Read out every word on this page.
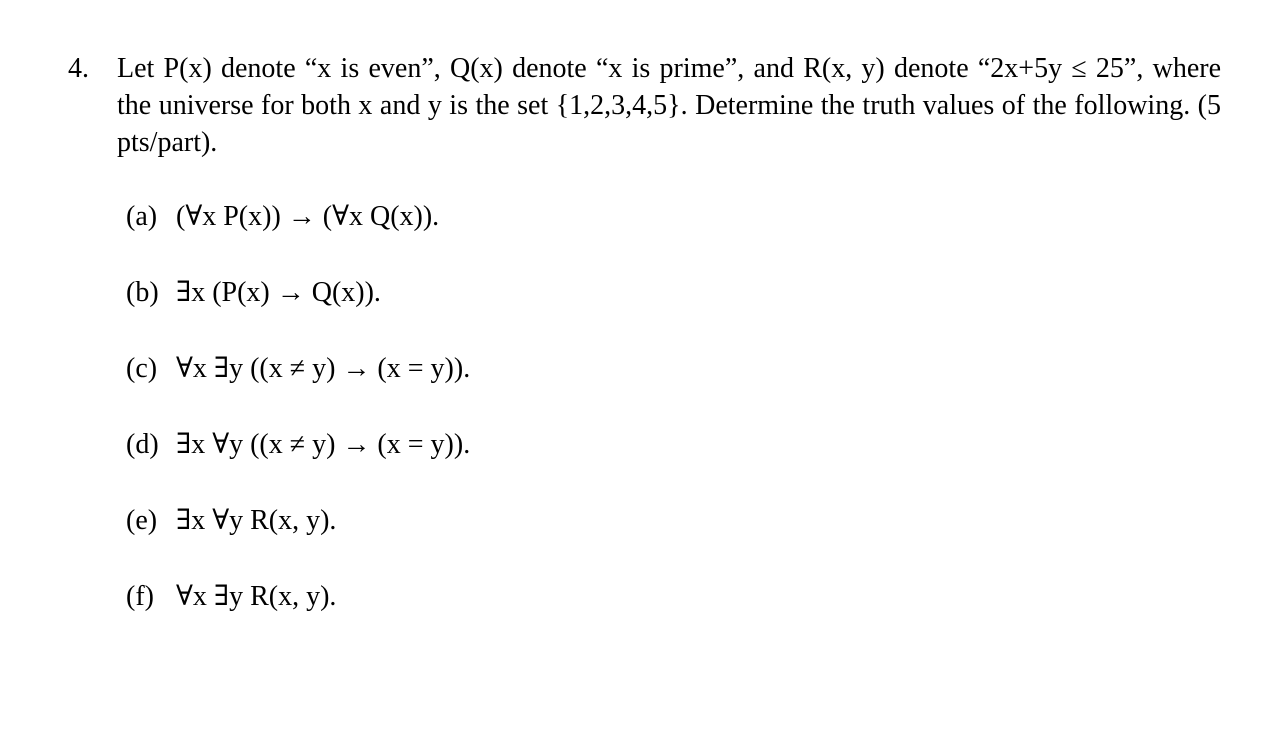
4. Let P(x) denote “x is even”, Q(x) denote “x is prime”, and R(x, y) denote “2x+5y ≤ 25”, where the universe for both x and y is the set {1,2,3,4,5}. Determine the truth values of the following. (5 pts/part).
(a) (∀x P(x)) → (∀x Q(x)).
(b) ∃x (P(x) → Q(x)).
(c) ∀x ∃y ((x ≠ y) → (x = y)).
(d) ∃x ∀y ((x ≠ y) → (x = y)).
(e) ∃x ∀y R(x, y).
(f) ∀x ∃y R(x, y).
